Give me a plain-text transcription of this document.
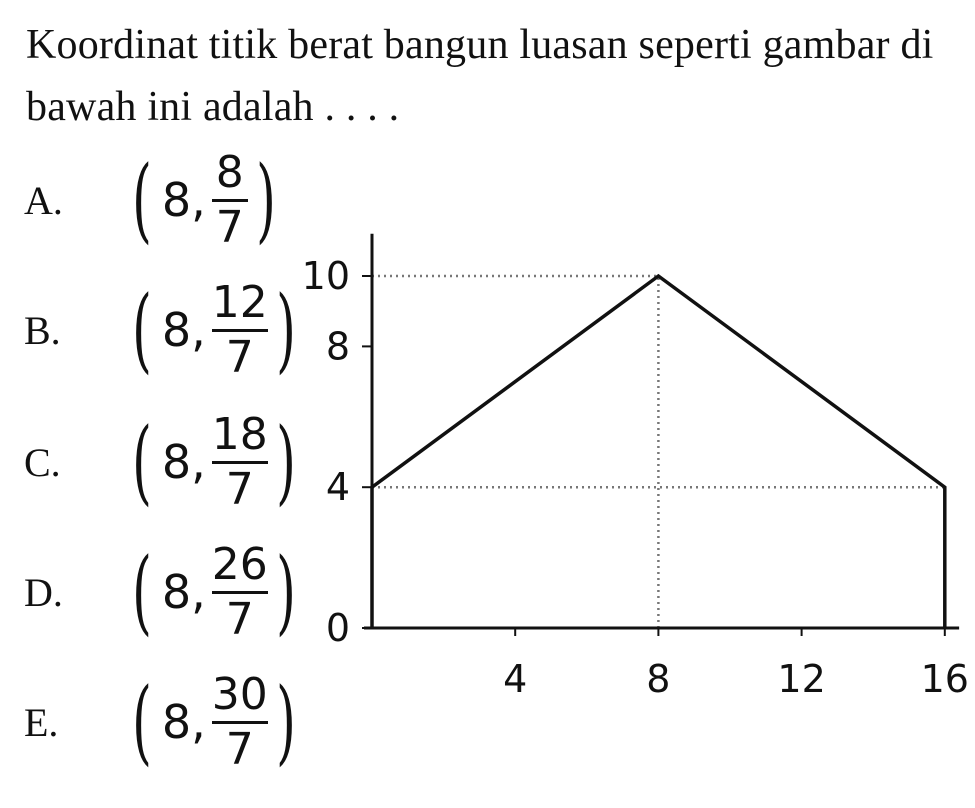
Koordinat titik berat bangun luasan seperti gambar di bawah ini adalah . . . .
A. ( 8, $\frac{8}{7}$ )
B. ( 8, $\frac{12}{7}$ )
C. ( 8, $\frac{18}{7}$ )
D. ( 8, $\frac{26}{7}$ )
E. ( 8, $\frac{30}{7}$ )
10
8
4
0
4	8	12 16
